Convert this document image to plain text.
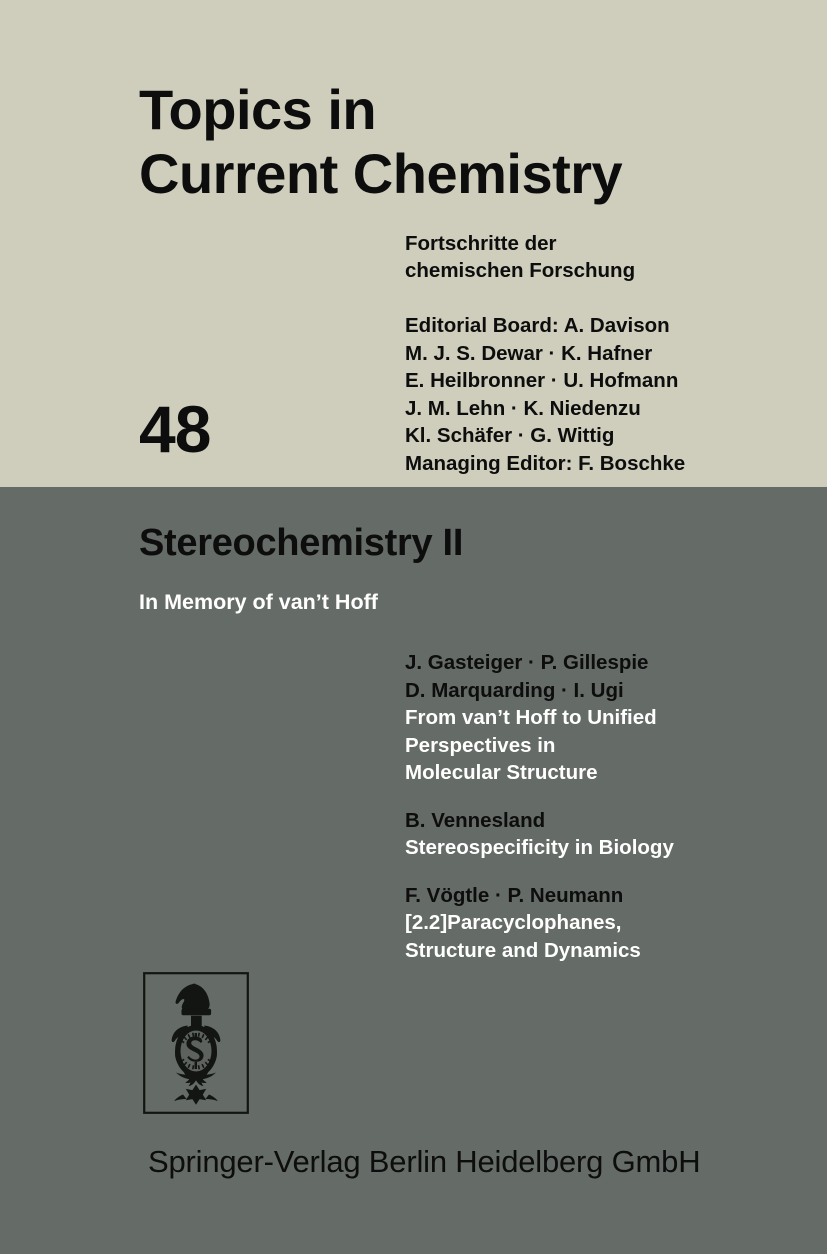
Topics in
Current Chemistry
Fortschritte der
chemischen Forschung
Editorial Board: A. Davison
M. J. S. Dewar · K. Hafner
E. Heilbronner · U. Hofmann
J. M. Lehn · K. Niedenzu
Kl. Schäfer · G. Wittig
Managing Editor: F. Boschke
48
Stereochemistry II
In Memory of van’t Hoff
J. Gasteiger · P. Gillespie
D. Marquarding · I. Ugi
From van’t Hoff to Unified
Perspectives in
Molecular Structure
B. Vennesland
Stereospecificity in Biology
F. Vögtle · P. Neumann
[2.2]Paracyclophanes,
Structure and Dynamics
Springer-Verlag Berlin Heidelberg GmbH
